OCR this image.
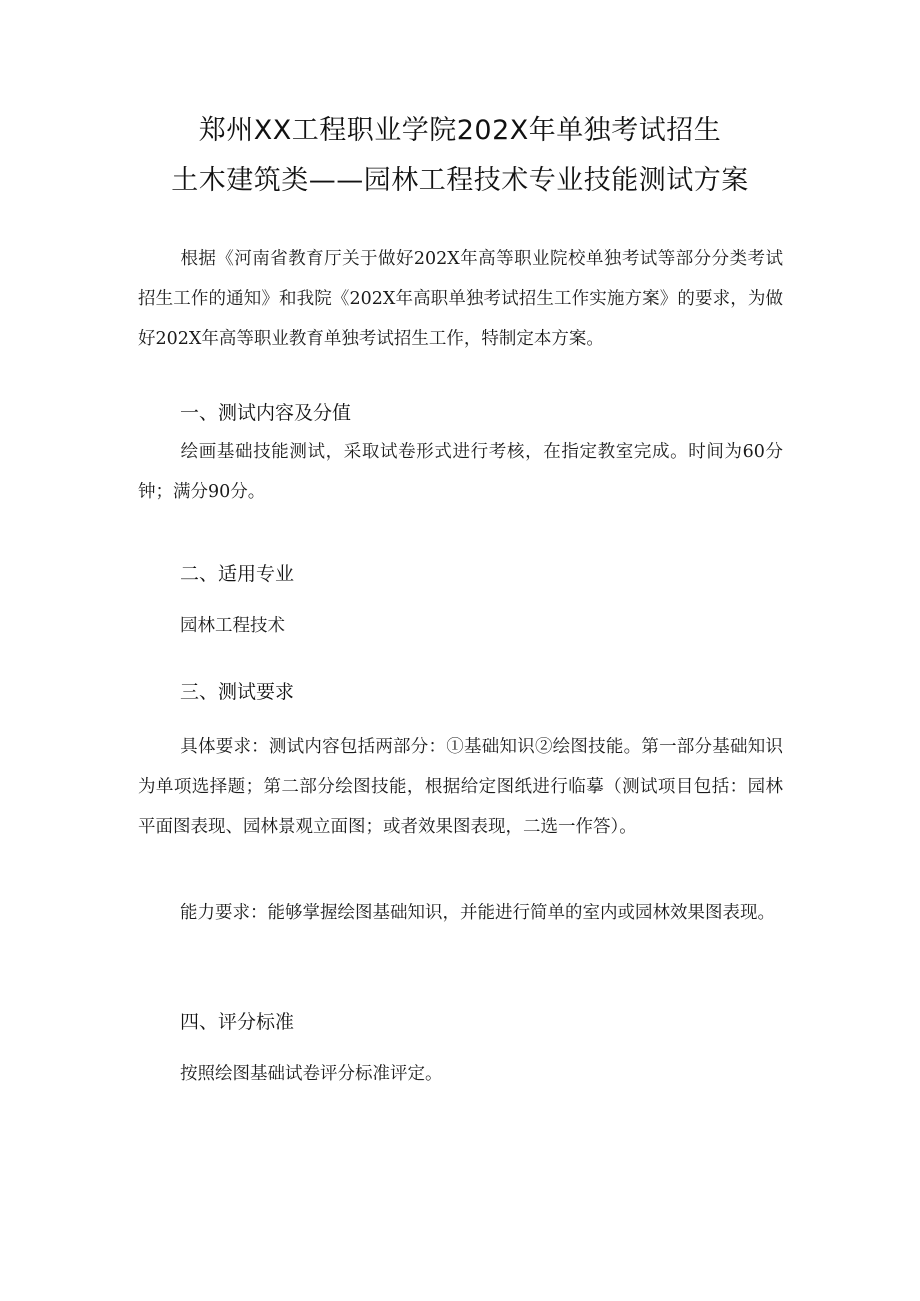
郑州XX工程职业学院202X年单独考试招生
土木建筑类——园林工程技术专业技能测试方案
根据《河南省教育厅关于做好202X年高等职业院校单独考试等部分分类考试招生工作的通知》和我院《202X年高职单独考试招生工作实施方案》的要求，为做好202X年高等职业教育单独考试招生工作，特制定本方案。
一、测试内容及分值
绘画基础技能测试，采取试卷形式进行考核，在指定教室完成。时间为60分钟；满分90分。
二、适用专业
园林工程技术
三、测试要求
具体要求：测试内容包括两部分：①基础知识②绘图技能。第一部分基础知识为单项选择题；第二部分绘图技能，根据给定图纸进行临摹（测试项目包括：园林平面图表现、园林景观立面图；或者效果图表现，二选一作答）。
能力要求：能够掌握绘图基础知识，并能进行简单的室内或园林效果图表现。
四、评分标准
按照绘图基础试卷评分标准评定。
